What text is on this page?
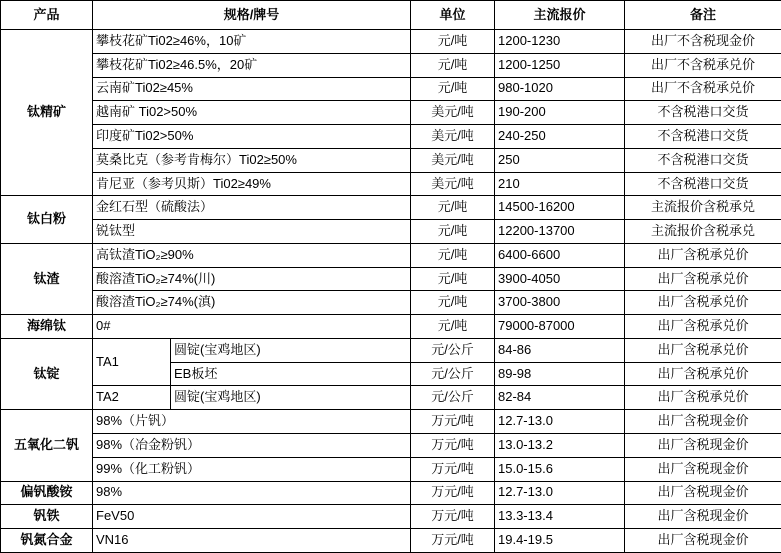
产品	规格/牌号		单位	主流报价	备注
钛精矿	攀枝花矿Ti02≥46%，10矿		元/吨	1200-1230	出厂不含税现金价
	攀枝花矿Ti02≥46.5%，20矿		元/吨	1200-1250	出厂不含税承兑价
	云南矿Ti02≥45%		元/吨	980-1020	出厂不含税承兑价
	越南矿 Ti02>50%		美元/吨	190-200	不含税港口交货
	印度矿Ti02>50%		美元/吨	240-250	不含税港口交货
	莫桑比克（参考肯梅尔）Ti02≥50%		美元/吨	250	不含税港口交货
	肯尼亚（参考贝斯）Ti02≥49%		美元/吨	210	不含税港口交货
钛白粉	金红石型（硫酸法）		元/吨	14500-16200	主流报价含税承兑
	锐钛型		元/吨	12200-13700	主流报价含税承兑
钛渣	高钛渣TiO₂≥90%		元/吨	6400-6600	出厂含税承兑价
	酸溶渣TiO₂≥74%(川)		元/吨	3900-4050	出厂含税承兑价
	酸溶渣TiO₂≥74%(滇)		元/吨	3700-3800	出厂含税承兑价
海绵钛	0#		元/吨	79000-87000	出厂含税承兑价
钛锭	TA1	圆锭(宝鸡地区)	元/公斤	84-86	出厂含税承兑价
		EB板坯	元/公斤	89-98	出厂含税承兑价
	TA2	圆锭(宝鸡地区)	元/公斤	82-84	出厂含税承兑价
五氧化二钒	98%（片钒）		万元/吨	12.7-13.0	出厂含税现金价
	98%（冶金粉钒）		万元/吨	13.0-13.2	出厂含税现金价
	99%（化工粉钒）		万元/吨	15.0-15.6	出厂含税现金价
偏钒酸铵	98%		万元/吨	12.7-13.0	出厂含税现金价
钒铁	FeV50		万元/吨	13.3-13.4	出厂含税现金价
钒氮合金	VN16		万元/吨	19.4-19.5	出厂含税现金价
